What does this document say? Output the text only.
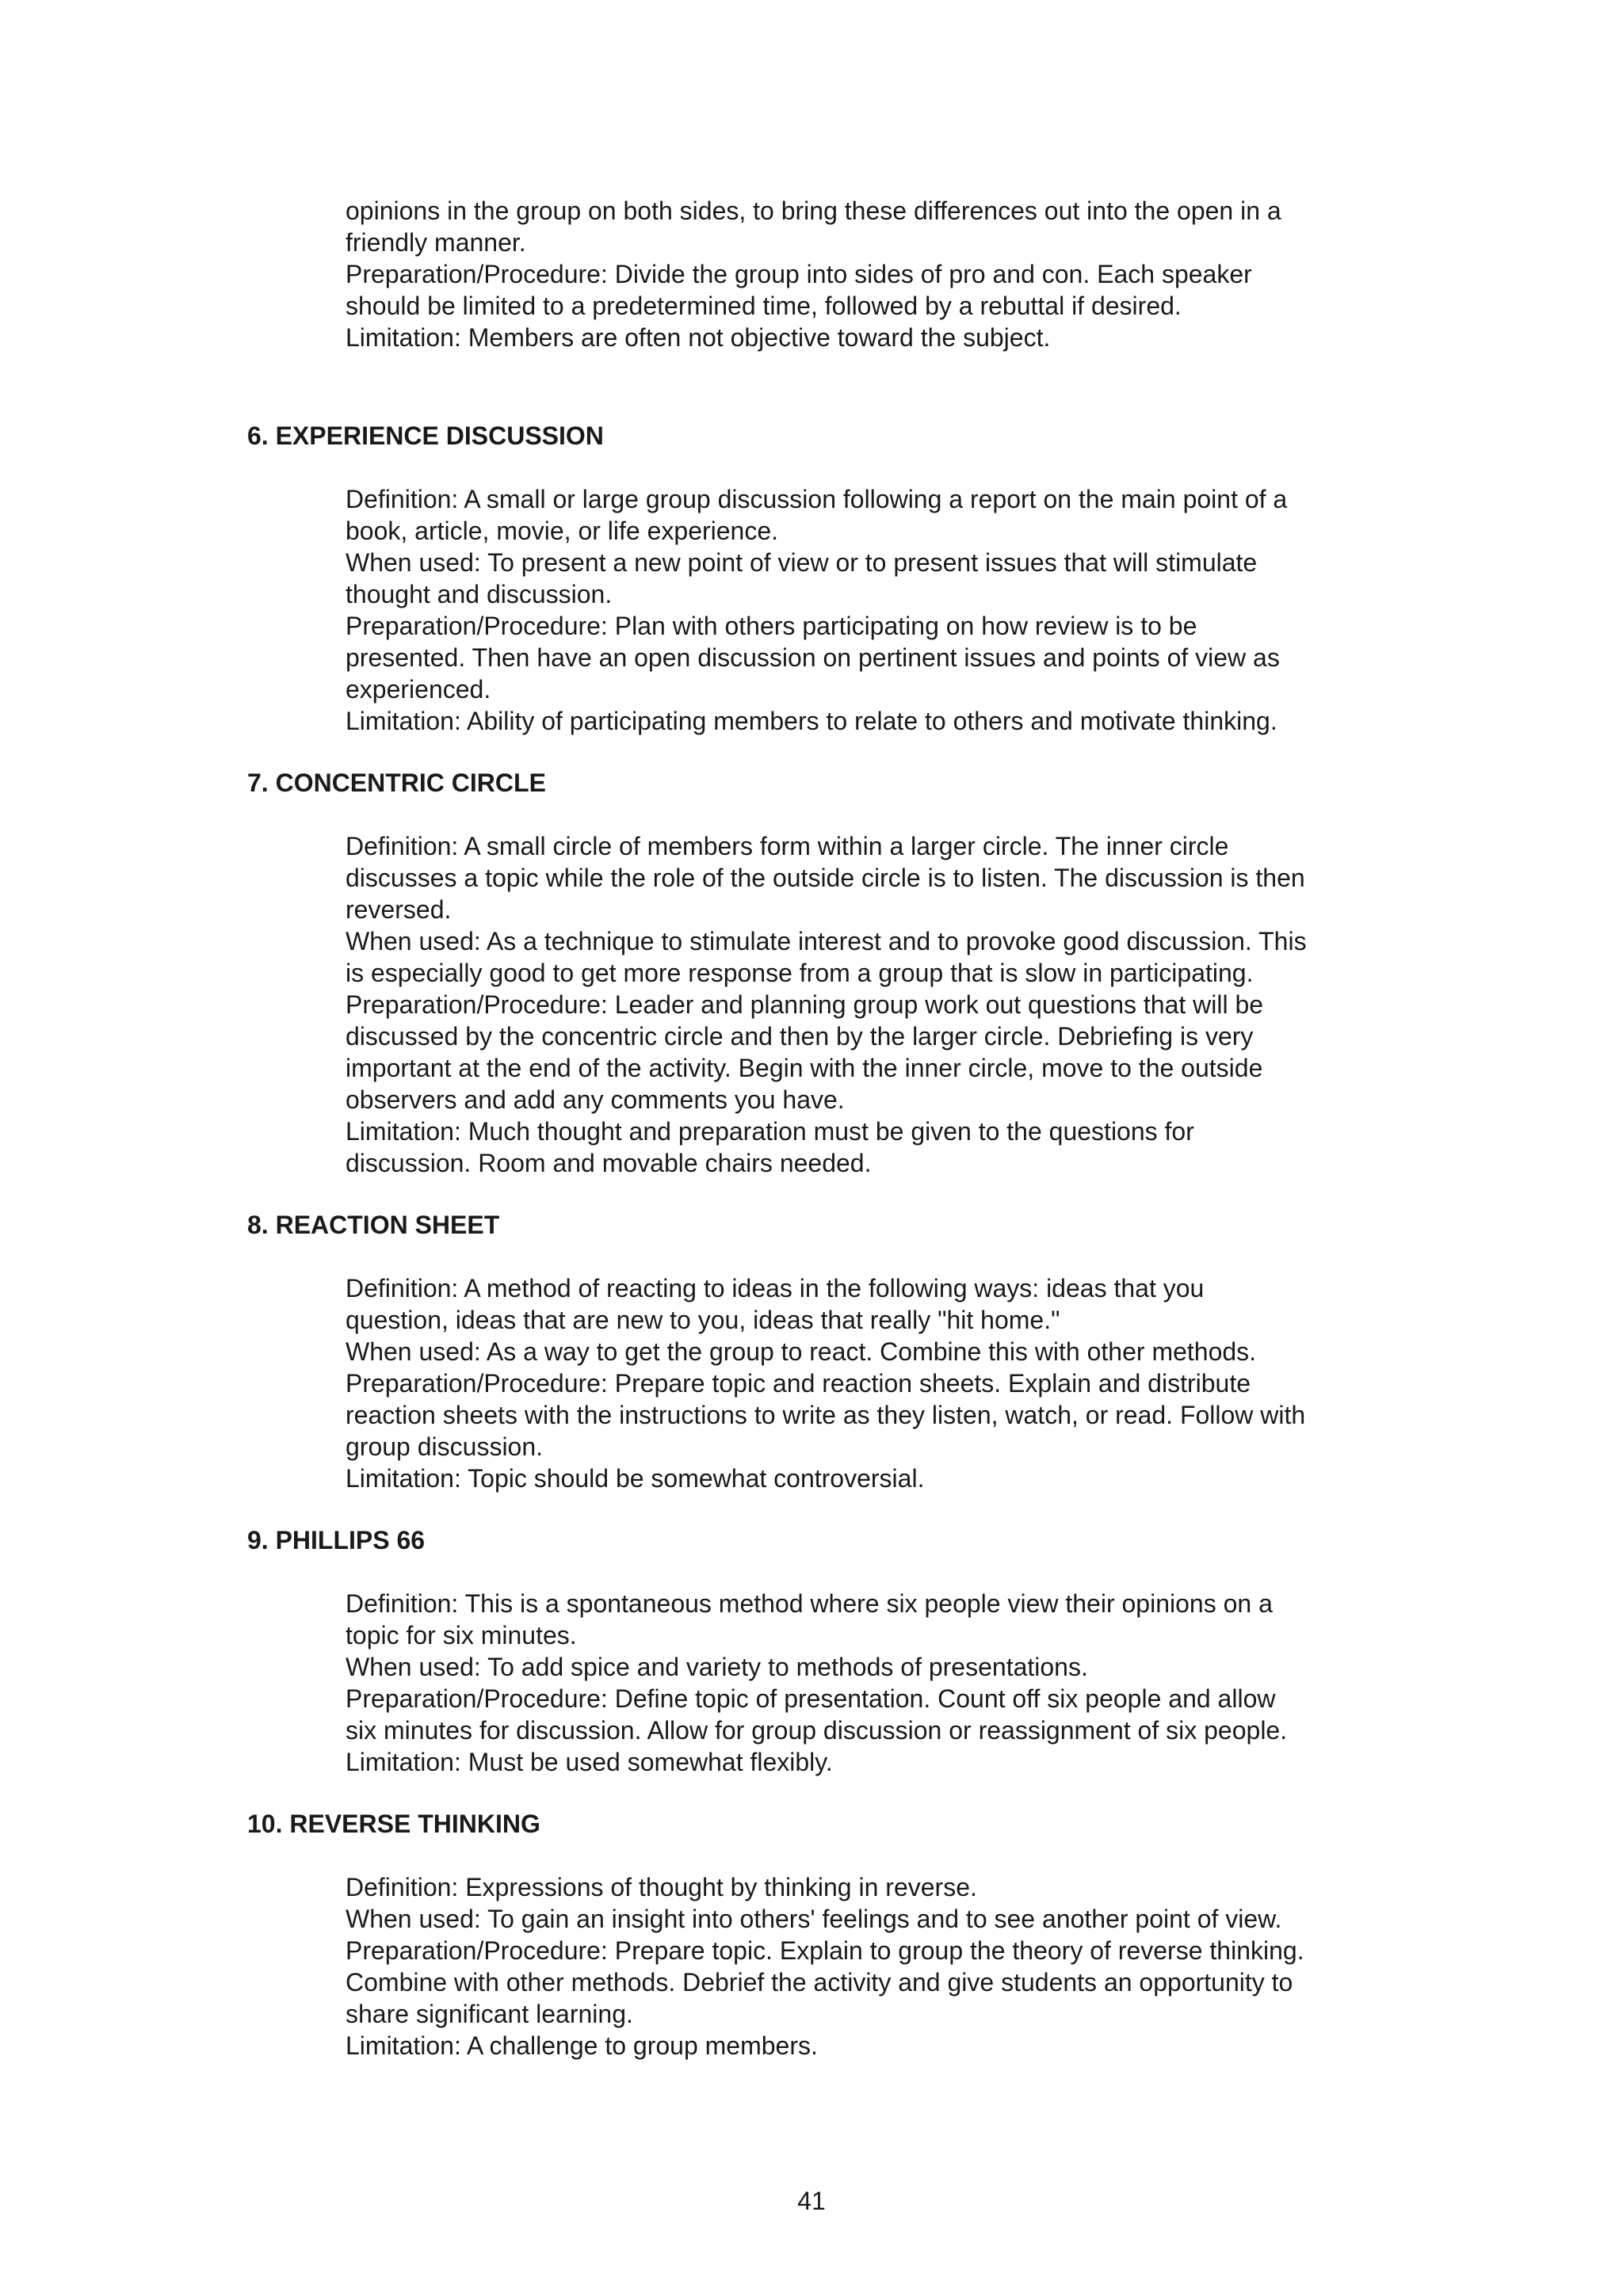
opinions in the group on both sides, to bring these differences out into the open in a

friendly manner.

Preparation/Procedure: Divide the group into sides of pro and con. Each speaker

should be limited to a predetermined time, followed by a rebuttal if desired.

Limitation: Members are often not objective toward the subject.

6. EXPERIENCE DISCUSSION

Definition: A small or large group discussion following a report on the main point of a

book, article, movie, or life experience.

When used: To present a new point of view or to present issues that will stimulate

thought and discussion.

Preparation/Procedure: Plan with others participating on how review is to be

presented. Then have an open discussion on pertinent issues and points of view as

experienced.

Limitation: Ability of participating members to relate to others and motivate thinking.

7. CONCENTRIC CIRCLE

Definition: A small circle of members form within a larger circle. The inner circle

discusses a topic while the role of the outside circle is to listen. The discussion is then

reversed.

When used: As a technique to stimulate interest and to provoke good discussion. This

is especially good to get more response from a group that is slow in participating.

Preparation/Procedure: Leader and planning group work out questions that will be

discussed by the concentric circle and then by the larger circle. Debriefing is very

important at the end of the activity. Begin with the inner circle, move to the outside

observers and add any comments you have.

Limitation: Much thought and preparation must be given to the questions for

discussion. Room and movable chairs needed.

8. REACTION SHEET

Definition: A method of reacting to ideas in the following ways: ideas that you

question, ideas that are new to you, ideas that really "hit home."

When used: As a way to get the group to react. Combine this with other methods.

Preparation/Procedure: Prepare topic and reaction sheets. Explain and distribute

reaction sheets with the instructions to write as they listen, watch, or read. Follow with

group discussion.

Limitation: Topic should be somewhat controversial.

9. PHILLIPS 66

Definition: This is a spontaneous method where six people view their opinions on a

topic for six minutes.

When used: To add spice and variety to methods of presentations.

Preparation/Procedure: Define topic of presentation. Count off six people and allow

six minutes for discussion. Allow for group discussion or reassignment of six people.

Limitation: Must be used somewhat flexibly.

10. REVERSE THINKING

Definition: Expressions of thought by thinking in reverse.

When used: To gain an insight into others' feelings and to see another point of view.

Preparation/Procedure: Prepare topic. Explain to group the theory of reverse thinking.

Combine with other methods. Debrief the activity and give students an opportunity to

share significant learning.

Limitation: A challenge to group members.

41
